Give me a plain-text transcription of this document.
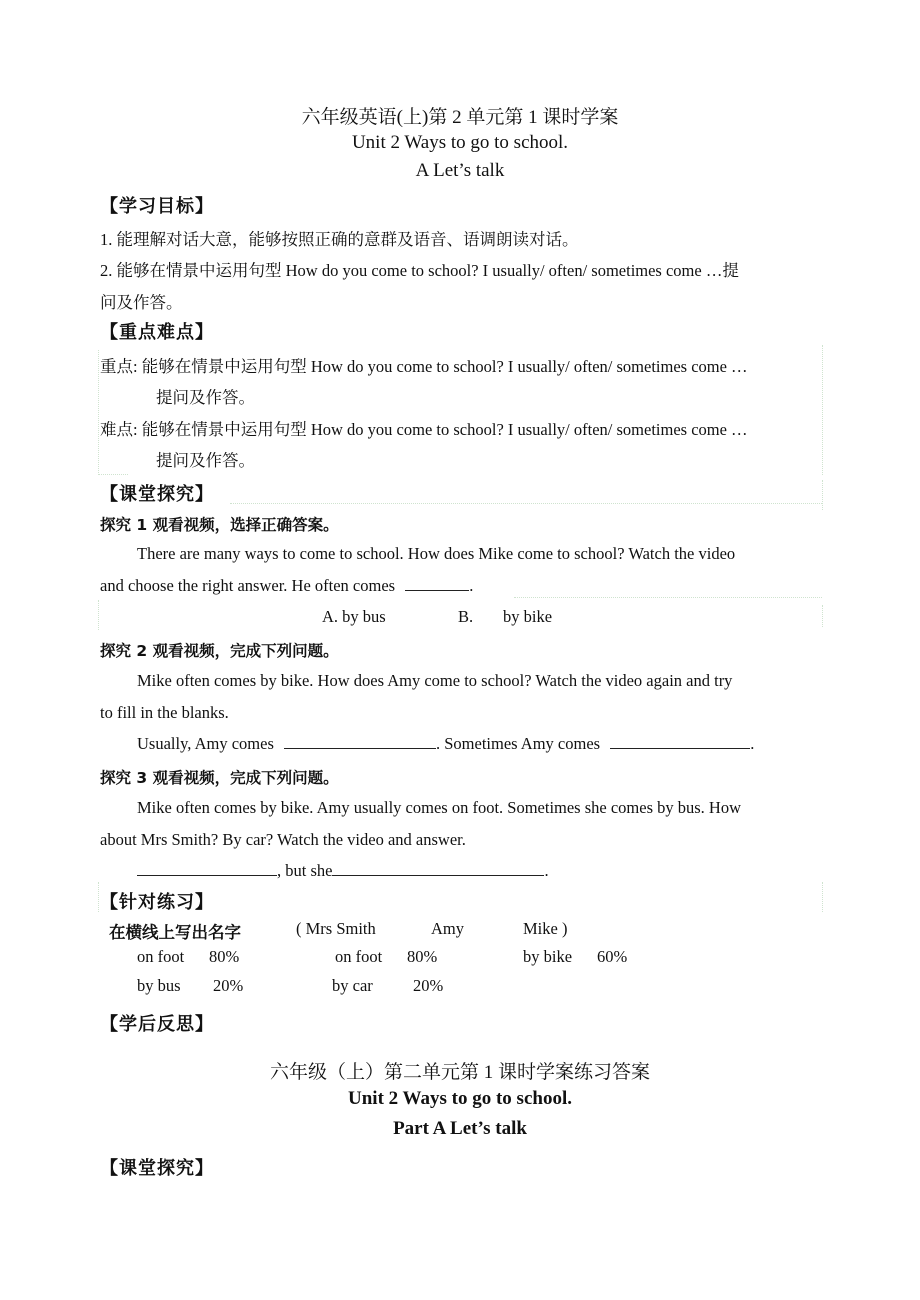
六年级英语(上)第 2 单元第 1 课时学案
Unit 2 Ways to go to school.
A Let’s talk
【学习目标】
1. 能理解对话大意，能够按照正确的意群及语音、语调朗读对话。
2. 能够在情景中运用句型 How do you come to school? I usually/ often/ sometimes come …提
问及作答。
【重点难点】
重点: 能够在情景中运用句型 How do you come to school? I usually/ often/ sometimes come …
提问及作答。
难点: 能够在情景中运用句型 How do you come to school? I usually/ often/ sometimes come …
提问及作答。
【课堂探究】
探究 1 观看视频，选择正确答案。
There are many ways to come to school. How does Mike come to school? Watch the video
and choose the right answer. He often comes	.
A. by bus	B. by bike
探究 2 观看视频，完成下列问题。
Mike often comes by bike. How does Amy come to school? Watch the video again and try
to fill in the blanks.
Usually, Amy comes	. Sometimes Amy comes	.
探究 3 观看视频，完成下列问题。
Mike often comes by bike. Amy usually comes on foot. Sometimes she comes by bus. How
about Mrs Smith? By car? Watch the video and answer.
, but she	.
【针对练习】
在横线上写出名字	( Mrs Smith	Amy	Mike )
on foot 80%	on foot 80%	by bike 60%
by bus 20%	by car 20%
【学后反思】
六年级（上）第二单元第 1 课时学案练习答案
Unit 2 Ways to go to school.
Part A Let’s talk
【课堂探究】
